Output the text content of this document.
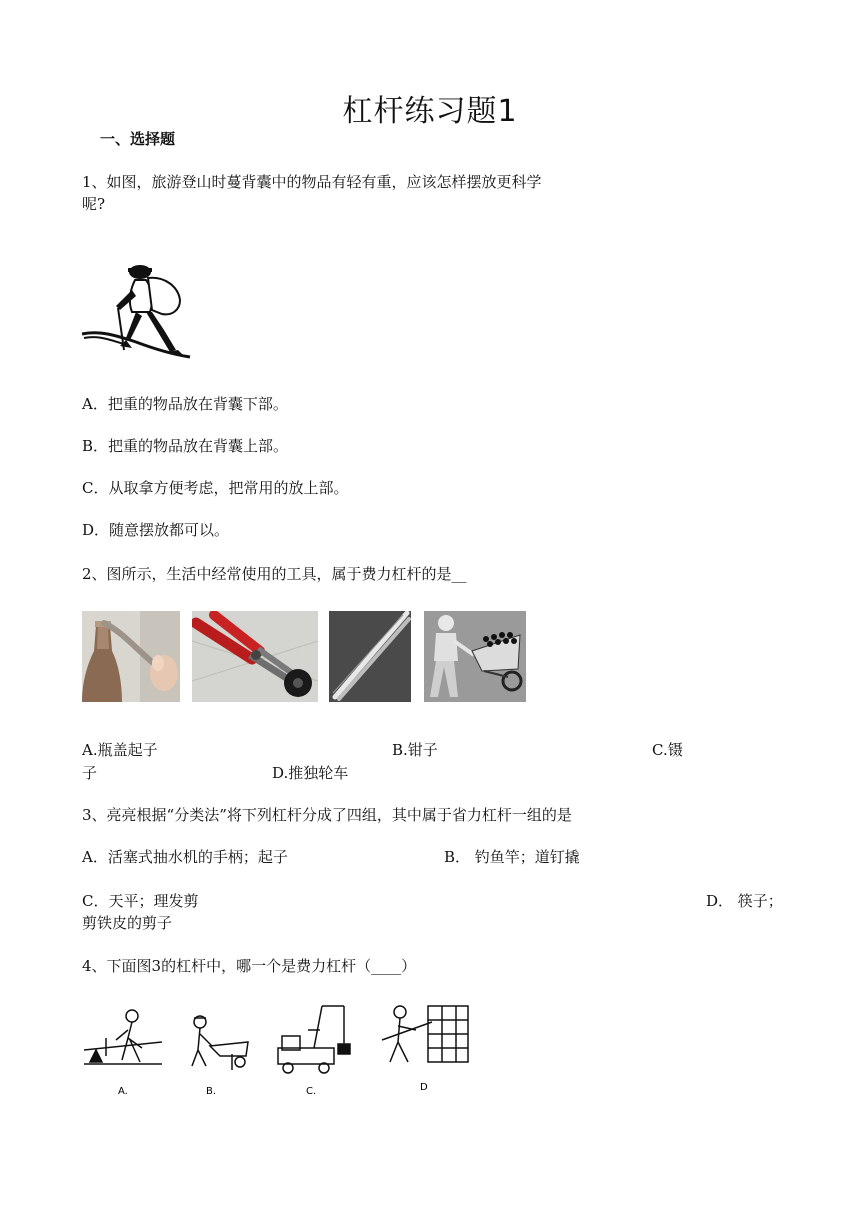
杠杆练习题1
一、选择题
1、如图，旅游登山时蔓背囊中的物品有轻有重，应该怎样摆放更科学
呢?
A．把重的物品放在背囊下部。
B．把重的物品放在背囊上部。
C．从取拿方便考虑，把常用的放上部。
D．随意摆放都可以。
2、图所示，生活中经常使用的工具，属于费力杠杆的是__
A.瓶盖起子	B.钳子	C.镊
子	D.推独轮车
3、亮亮根据“分类法”将下列杠杆分成了四组，其中属于省力杠杆一组的是
A．活塞式抽水机的手柄；起子	B． 钓鱼竿；道钉撬
C．天平；理发剪	D． 筷子；
剪铁皮的剪子
4、下面图3的杠杆中，哪一个是费力杠杆（____）
A.	B.	C.	D
